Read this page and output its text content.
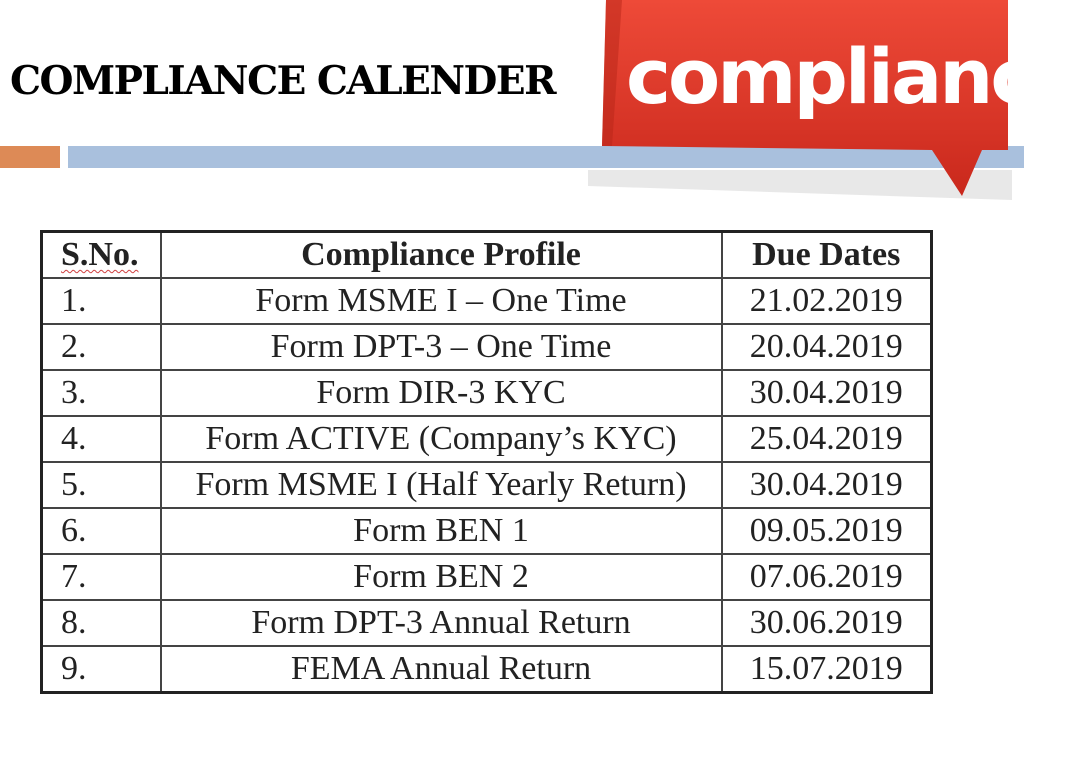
COMPLIANCE CALENDER compliance
S.No.	Compliance Profile	Due Dates
1.	Form MSME I – One Time	21.02.2019
2.	Form DPT-3 – One Time	20.04.2019
3.	Form DIR-3 KYC	30.04.2019
4.	Form ACTIVE (Company’s KYC)	25.04.2019
5.	Form MSME I (Half Yearly Return)	30.04.2019
6.	Form BEN 1	09.05.2019
7.	Form BEN 2	07.06.2019
8.	Form DPT-3 Annual Return	30.06.2019
9.	FEMA Annual Return	15.07.2019
